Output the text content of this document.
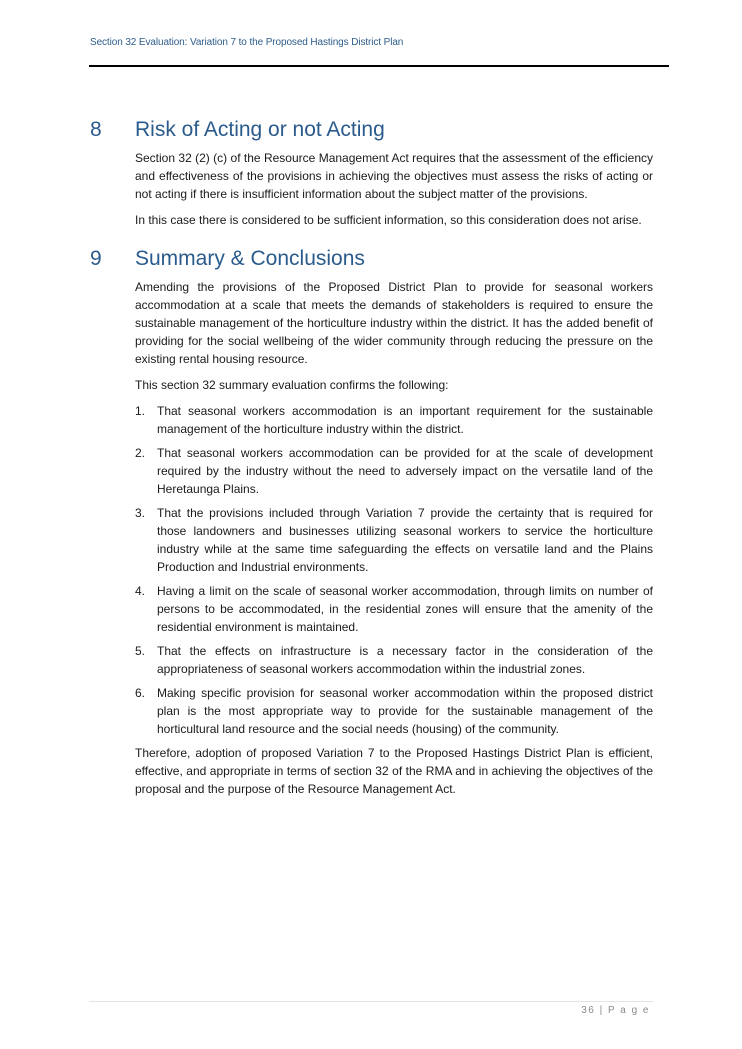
Section 32 Evaluation: Variation 7 to the Proposed Hastings District Plan
8	Risk of Acting or not Acting

Section 32 (2) (c) of the Resource Management Act requires that the assessment of the efficiency and effectiveness of the provisions in achieving the objectives must assess the risks of acting or not acting if there is insufficient information about the subject matter of the provisions.

In this case there is considered to be sufficient information, so this consideration does not arise.

9	Summary & Conclusions

Amending the provisions of the Proposed District Plan to provide for seasonal workers accommodation at a scale that meets the demands of stakeholders is required to ensure the sustainable management of the horticulture industry within the district. It has the added benefit of providing for the social wellbeing of the wider community through reducing the pressure on the existing rental housing resource.

This section 32 summary evaluation confirms the following:

1. That seasonal workers accommodation is an important requirement for the sustainable management of the horticulture industry within the district.
2. That seasonal workers accommodation can be provided for at the scale of development required by the industry without the need to adversely impact on the versatile land of the Heretaunga Plains.
3. That the provisions included through Variation 7 provide the certainty that is required for those landowners and businesses utilizing seasonal workers to service the horticulture industry while at the same time safeguarding the effects on versatile land and the Plains Production and Industrial environments.
4. Having a limit on the scale of seasonal worker accommodation, through limits on number of persons to be accommodated, in the residential zones will ensure that the amenity of the residential environment is maintained.
5. That the effects on infrastructure is a necessary factor in the consideration of the appropriateness of seasonal workers accommodation within the industrial zones.
6. Making specific provision for seasonal worker accommodation within the proposed district plan is the most appropriate way to provide for the sustainable management of the horticultural land resource and the social needs (housing) of the community.

Therefore, adoption of proposed Variation 7 to the Proposed Hastings District Plan is efficient, effective, and appropriate in terms of section 32 of the RMA and in achieving the objectives of the proposal and the purpose of the Resource Management Act.

36 | P a g e
